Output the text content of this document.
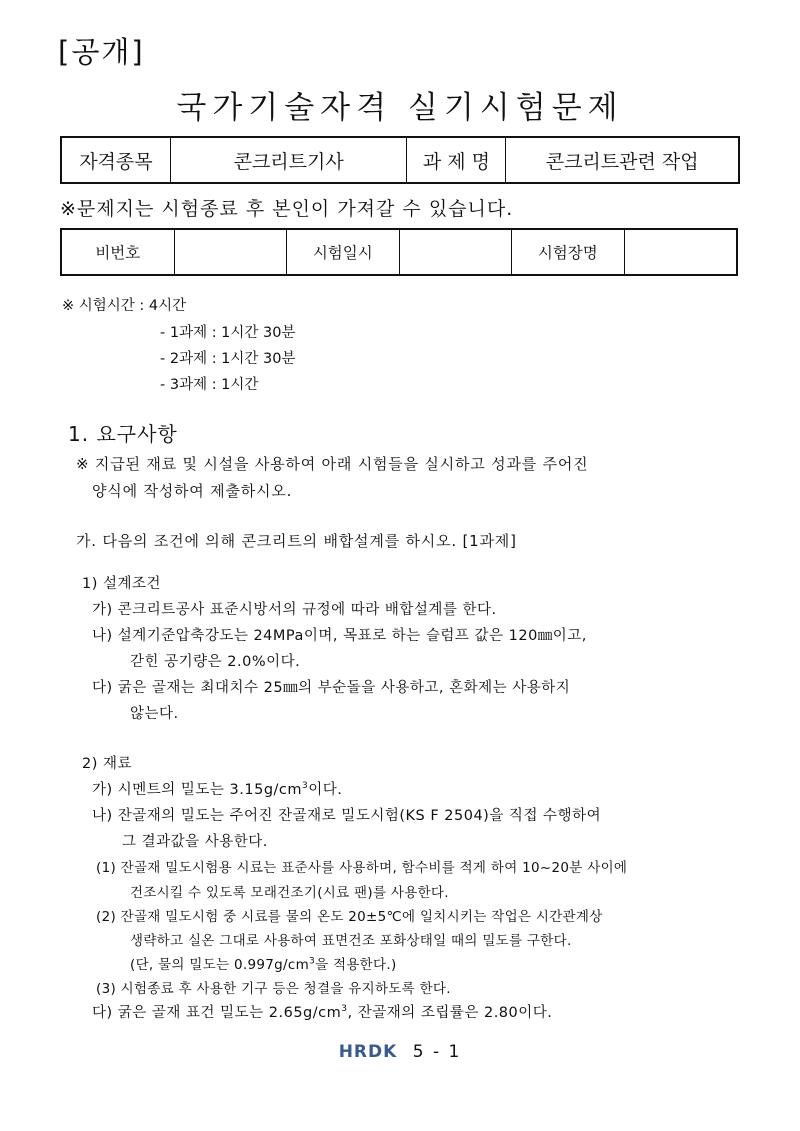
[공개]
국가기술자격 실기시험문제
자격종목	콘크리트기사	과 제 명	콘크리트관련 작업
※문제지는 시험종료 후 본인이 가져갈 수 있습니다.
비번호		시험일시		시험장명	
※ 시험시간 : 4시간
- 1과제 : 1시간 30분
- 2과제 : 1시간 30분
- 3과제 : 1시간
1. 요구사항
※ 지급된 재료 및 시설을 사용하여 아래 시험들을 실시하고 성과를 주어진
양식에 작성하여 제출하시오.
가. 다음의 조건에 의해 콘크리트의 배합설계를 하시오. [1과제]
1) 설계조건
가) 콘크리트공사 표준시방서의 규정에 따라 배합설계를 한다.
나) 설계기준압축강도는 24MPa이며, 목표로 하는 슬럼프 값은 120㎜이고,
갇힌 공기량은 2.0%이다.
다) 굵은 골재는 최대치수 25㎜의 부순돌을 사용하고, 혼화제는 사용하지
않는다.
2) 재료
가) 시멘트의 밀도는 $3.15g/cm^3$이다.
나) 잔골재의 밀도는 주어진 잔골재로 밀도시험(KS F 2504)을 직접 수행하여
그 결과값을 사용한다.
(1) 잔골재 밀도시험용 시료는 표준사를 사용하며, 함수비를 적게 하여 10~20분 사이에
건조시킬 수 있도록 모래건조기(시료 팬)를 사용한다.
(2) 잔골재 밀도시험 중 시료를 물의 온도 20±5℃에 일치시키는 작업은 시간관계상
생략하고 실온 그대로 사용하여 표면건조 포화상태일 때의 밀도를 구한다.
(단, 물의 밀도는 $0.997g/cm^3$을 적용한다.)
(3) 시험종료 후 사용한 기구 등은 청결을 유지하도록 한다.
다) 굵은 골재 표건 밀도는 $2.65g/cm^3$, 잔골재의 조립률은 2.80이다.
HRDK 5 - 1
